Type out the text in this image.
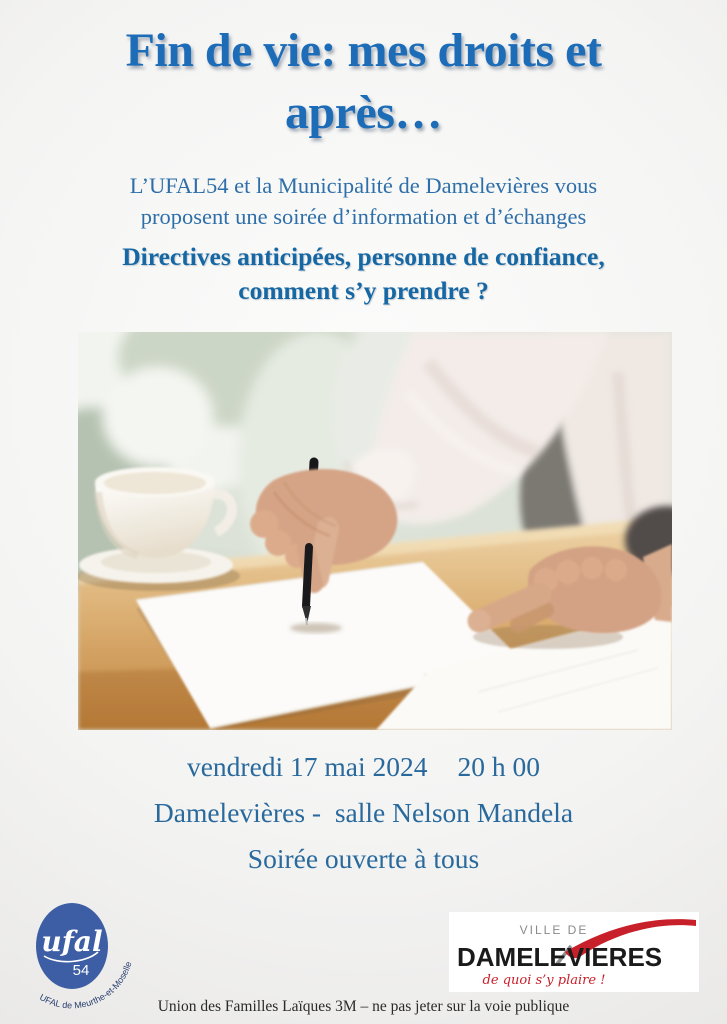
Fin de vie: mes droits et
après…
L’UFAL54 et la Municipalité de Damelevières vous
proposent une soirée d’information et d’échanges
Directives anticipées, personne de confiance,
comment s’y prendre ?
vendredi 17 mai 2024 20 h 00
Damelevières -  salle Nelson Mandela
Soirée ouverte à tous
ufal
54
UFAL de Meurthe-et-Moselle
VILLE DE
DAMELEVIERES
de quoi s’y plaire !
Union des Familles Laïques 3M – ne pas jeter sur la voie publique
